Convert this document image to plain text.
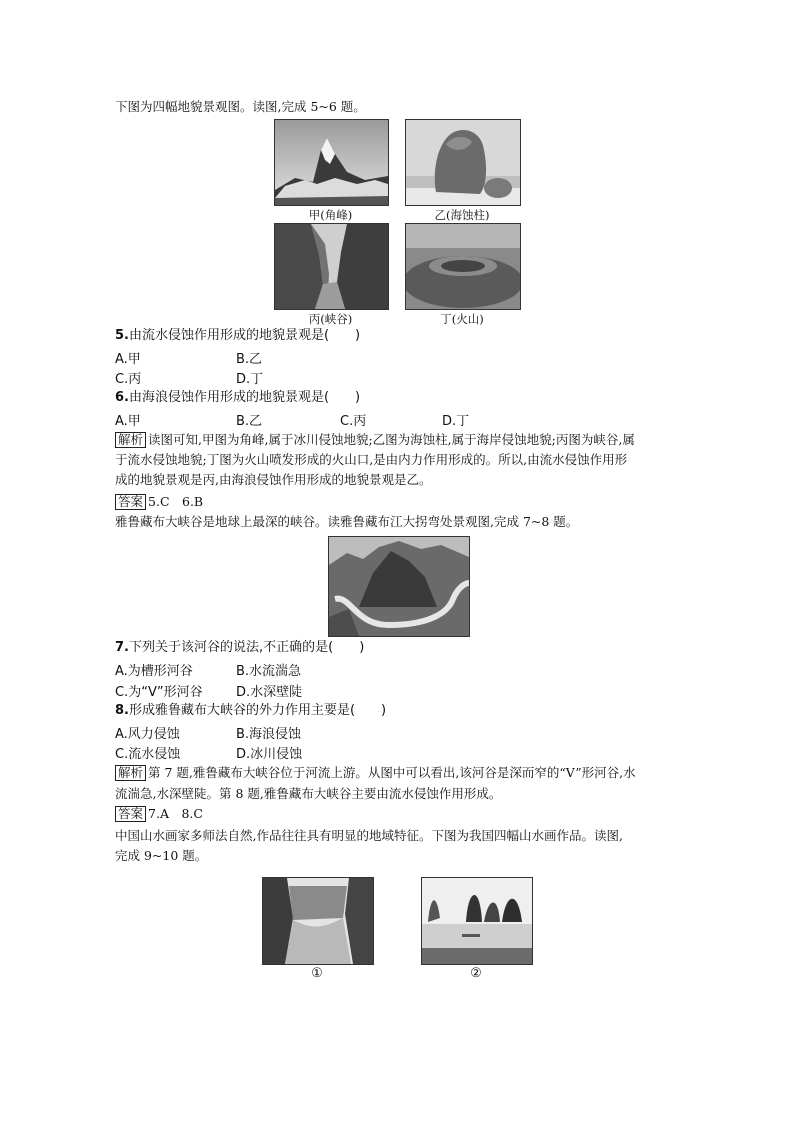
下图为四幅地貌景观图。读图,完成 5~6 题。
甲(角峰)	乙(海蚀柱)
丙(峡谷)	丁(火山)
5.由流水侵蚀作用形成的地貌景观是(　　)
A.甲	B.乙
C.丙	D.丁
6.由海浪侵蚀作用形成的地貌景观是(　　)
A.甲	B.乙	C.丙	D.丁
解析 读图可知,甲图为角峰,属于冰川侵蚀地貌;乙图为海蚀柱,属于海岸侵蚀地貌;丙图为峡谷,属
于流水侵蚀地貌;丁图为火山喷发形成的火山口,是由内力作用形成的。所以,由流水侵蚀作用形
成的地貌景观是丙,由海浪侵蚀作用形成的地貌景观是乙。
答案 5.C　6.B
雅鲁藏布大峡谷是地球上最深的峡谷。读雅鲁藏布江大拐弯处景观图,完成 7~8 题。
7.下列关于该河谷的说法,不正确的是(　　)
A.为槽形河谷	B.水流湍急
C.为“V”形河谷	D.水深壁陡
8.形成雅鲁藏布大峡谷的外力作用主要是(　　)
A.风力侵蚀	B.海浪侵蚀
C.流水侵蚀	D.冰川侵蚀
解析 第 7 题,雅鲁藏布大峡谷位于河流上游。从图中可以看出,该河谷是深而窄的“V”形河谷,水
流湍急,水深壁陡。第 8 题,雅鲁藏布大峡谷主要由流水侵蚀作用形成。
答案 7.A　8.C
中国山水画家多师法自然,作品往往具有明显的地域特征。下图为我国四幅山水画作品。读图,
完成 9~10 题。
①	②
